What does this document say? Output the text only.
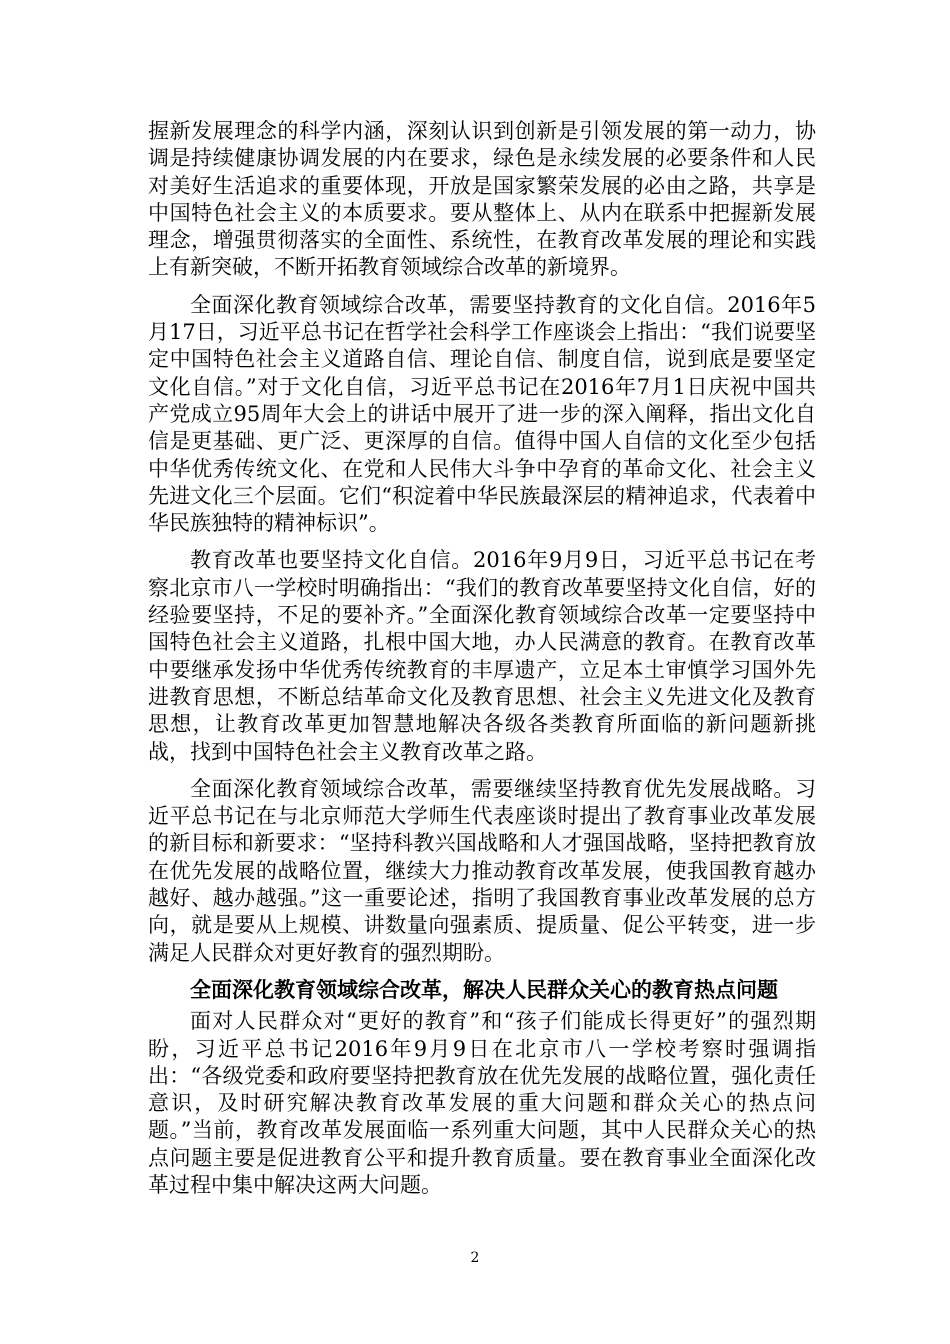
握新发展理念的科学内涵，深刻认识到创新是引领发展的第一动力，协调是持续健康协调发展的内在要求，绿色是永续发展的必要条件和人民对美好生活追求的重要体现，开放是国家繁荣发展的必由之路，共享是中国特色社会主义的本质要求。要从整体上、从内在联系中把握新发展理念，增强贯彻落实的全面性、系统性，在教育改革发展的理论和实践上有新突破，不断开拓教育领域综合改革的新境界。

全面深化教育领域综合改革，需要坚持教育的文化自信。2016年5月17日，习近平总书记在哲学社会科学工作座谈会上指出：“我们说要坚定中国特色社会主义道路自信、理论自信、制度自信，说到底是要坚定文化自信。”对于文化自信，习近平总书记在2016年7月1日庆祝中国共产党成立95周年大会上的讲话中展开了进一步的深入阐释，指出文化自信是更基础、更广泛、更深厚的自信。值得中国人自信的文化至少包括中华优秀传统文化、在党和人民伟大斗争中孕育的革命文化、社会主义先进文化三个层面。它们“积淀着中华民族最深层的精神追求，代表着中华民族独特的精神标识”。

教育改革也要坚持文化自信。2016年9月9日，习近平总书记在考察北京市八一学校时明确指出：“我们的教育改革要坚持文化自信，好的经验要坚持，不足的要补齐。”全面深化教育领域综合改革一定要坚持中国特色社会主义道路，扎根中国大地，办人民满意的教育。在教育改革中要继承发扬中华优秀传统教育的丰厚遗产，立足本土审慎学习国外先进教育思想，不断总结革命文化及教育思想、社会主义先进文化及教育思想，让教育改革更加智慧地解决各级各类教育所面临的新问题新挑战，找到中国特色社会主义教育改革之路。

全面深化教育领域综合改革，需要继续坚持教育优先发展战略。习近平总书记在与北京师范大学师生代表座谈时提出了教育事业改革发展的新目标和新要求：“坚持科教兴国战略和人才强国战略，坚持把教育放在优先发展的战略位置，继续大力推动教育改革发展，使我国教育越办越好、越办越强。”这一重要论述，指明了我国教育事业改革发展的总方向，就是要从上规模、讲数量向强素质、提质量、促公平转变，进一步满足人民群众对更好教育的强烈期盼。

全面深化教育领域综合改革，解决人民群众关心的教育热点问题

面对人民群众对“更好的教育”和“孩子们能成长得更好”的强烈期盼，习近平总书记2016年9月9日在北京市八一学校考察时强调指出：“各级党委和政府要坚持把教育放在优先发展的战略位置，强化责任意识，及时研究解决教育改革发展的重大问题和群众关心的热点问题。”当前，教育改革发展面临一系列重大问题，其中人民群众关心的热点问题主要是促进教育公平和提升教育质量。要在教育事业全面深化改革过程中集中解决这两大问题。

2
